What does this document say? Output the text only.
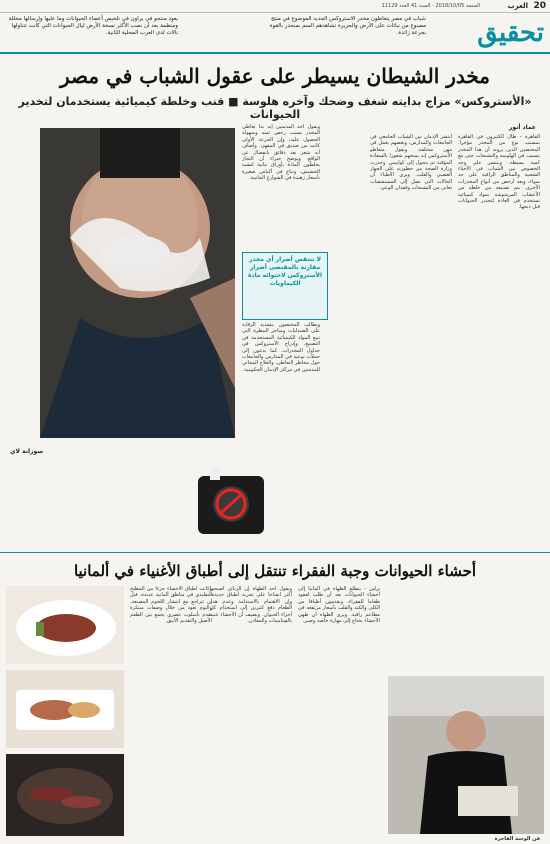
20
العرب
الجمعة 2018/10/05 - السنة 41 العدد 11129
شباب في مصر يتعاطون مخدر الاستروكس الجديد الموضوع في منتج مصنوع من نباتات على الأرض والجزيرة تشاهدهم السم بمنحدر بالقوة بجرعة زائدة.
يعود منتجو في يراون في تلخيص أعضاء الحيوانات وما عليها وإرسالها مخللة ومنظمة بعد أن نصب الأكثر نسخة الأرض ليال الحيوانات التي كانت تتناولها نالات لدى العرب المحلية الثانية.	تحقيق
مخدر الشيطان يسيطر على عقول الشباب في مصر
«الأستروكس» مزاج بدايته شغف وضحك وآخره هلوسة ■ قنب وخلطة كيميائية يستخدمان لتخدير الحيوانات
عماد أنور
القاهرة - طال الكثيرون في القاهرة بمسبب نوع من المخدر مؤخرا. المختصين الذين يرونه أن هذا المخدر يتسبب في الهلوسة والتشنجات حتى مع كمية بسيطة. وينتشر على وجه الخصوص بين الشباب في الأحياء الشعبية والمناطق الراقية على حد سواء، ويعد أرخص من أنواع المخدرات الأخرى. يتم تصنيعه من خلطة من الأعشاب المرشوشة بمواد كيميائية تستخدم في العادة لتخدير الحيوانات قبل ذبحها.
انتشر الإدمان بين الشباب الجامعي في الجامعات والمدارس، وبعضهم يعمل في مهن مختلفة، ويقول متعاطو الأستروكس إنه يمنحهم شعورا بالسعادة المؤقتة ثم يتحول إلى كوابيس. وحذرت وزارة الصحة من خطورته على الجهاز العصبي والقلب. ويرى الأطباء أن الحالات التي تصل إلى المستشفيات تعاني من التشنجات وفقدان الوعي.
ويقول أحد المدمنين إنه بدأ تعاطي المخدر بسبب رخص ثمنه وسهولة الحصول عليه، وإن الجرعة الأولى كانت من صديق في المقهى. وأضاف أنه شعر بعد دقائق بانفصال عن الواقع. ويوضح خبراء أن التجار يخلطون المادة بأوراق نباتية لتشبه الحشيش، وتباع في أكياس صغيرة بأسعار زهيدة في الشوارع الجانبية.
ويطالب المختصون بتشديد الرقابة على الصيدليات ومتاجر البيطرة التي تبيع المواد الكيميائية المستخدمة في التصنيع، وإدراج الأستروكس في جداول المخدرات. كما يدعون إلى حملات توعية في المدارس والجامعات حول مخاطر التعاطي، والعلاج المجاني للمدمنين في مراكز الإدمان الحكومية.
لا تنتقص أضرار أي مخدر مقارنة بالمقتضى أضرار الأستروكس لاحتوائه مادة الكيماويات
أحشاء الحيوانات وجبة الفقراء تنتقل إلى أطباق الأغنياء في ألمانيا
سوزانة لاي
برلين - يتطلع الطهاة في ألمانيا إلى أحشاء الحيوانات بعد أن ظلت لعقود طعاما للفقراء، ويقدمون أطباقا من الكلى والكبد والقلب بأسعار مرتفعة في مطاعم راقية. ويرى الطهاة أن طهي الأحشاء يحتاج إلى مهارة خاصة وصبر.
ويقول أحد الطهاة إن الزبائن أصبحوا أكثر انفتاحا على تجربة أطباق جديدة، وإن الاهتمام بالاستدامة وعدم هدر الطعام دفع كثيرين إلى استخدام كل أجزاء الحيوان. ويضيف أن الأحشاء غنية بالفيتامينات والمعادن.
وكانت أطباق الأحشاء جزءا من المطبخ التقليدي في مناطق ألمانية عديدة، قبل أن تتراجع مع انتشار اللحوم المصنعة. واليوم تعود من خلال وصفات مبتكرة تقدم بأسلوب عصري يجمع بين الطعم الأصيل والتقديم الأنيق.
فن الوجبة الفاخرة
